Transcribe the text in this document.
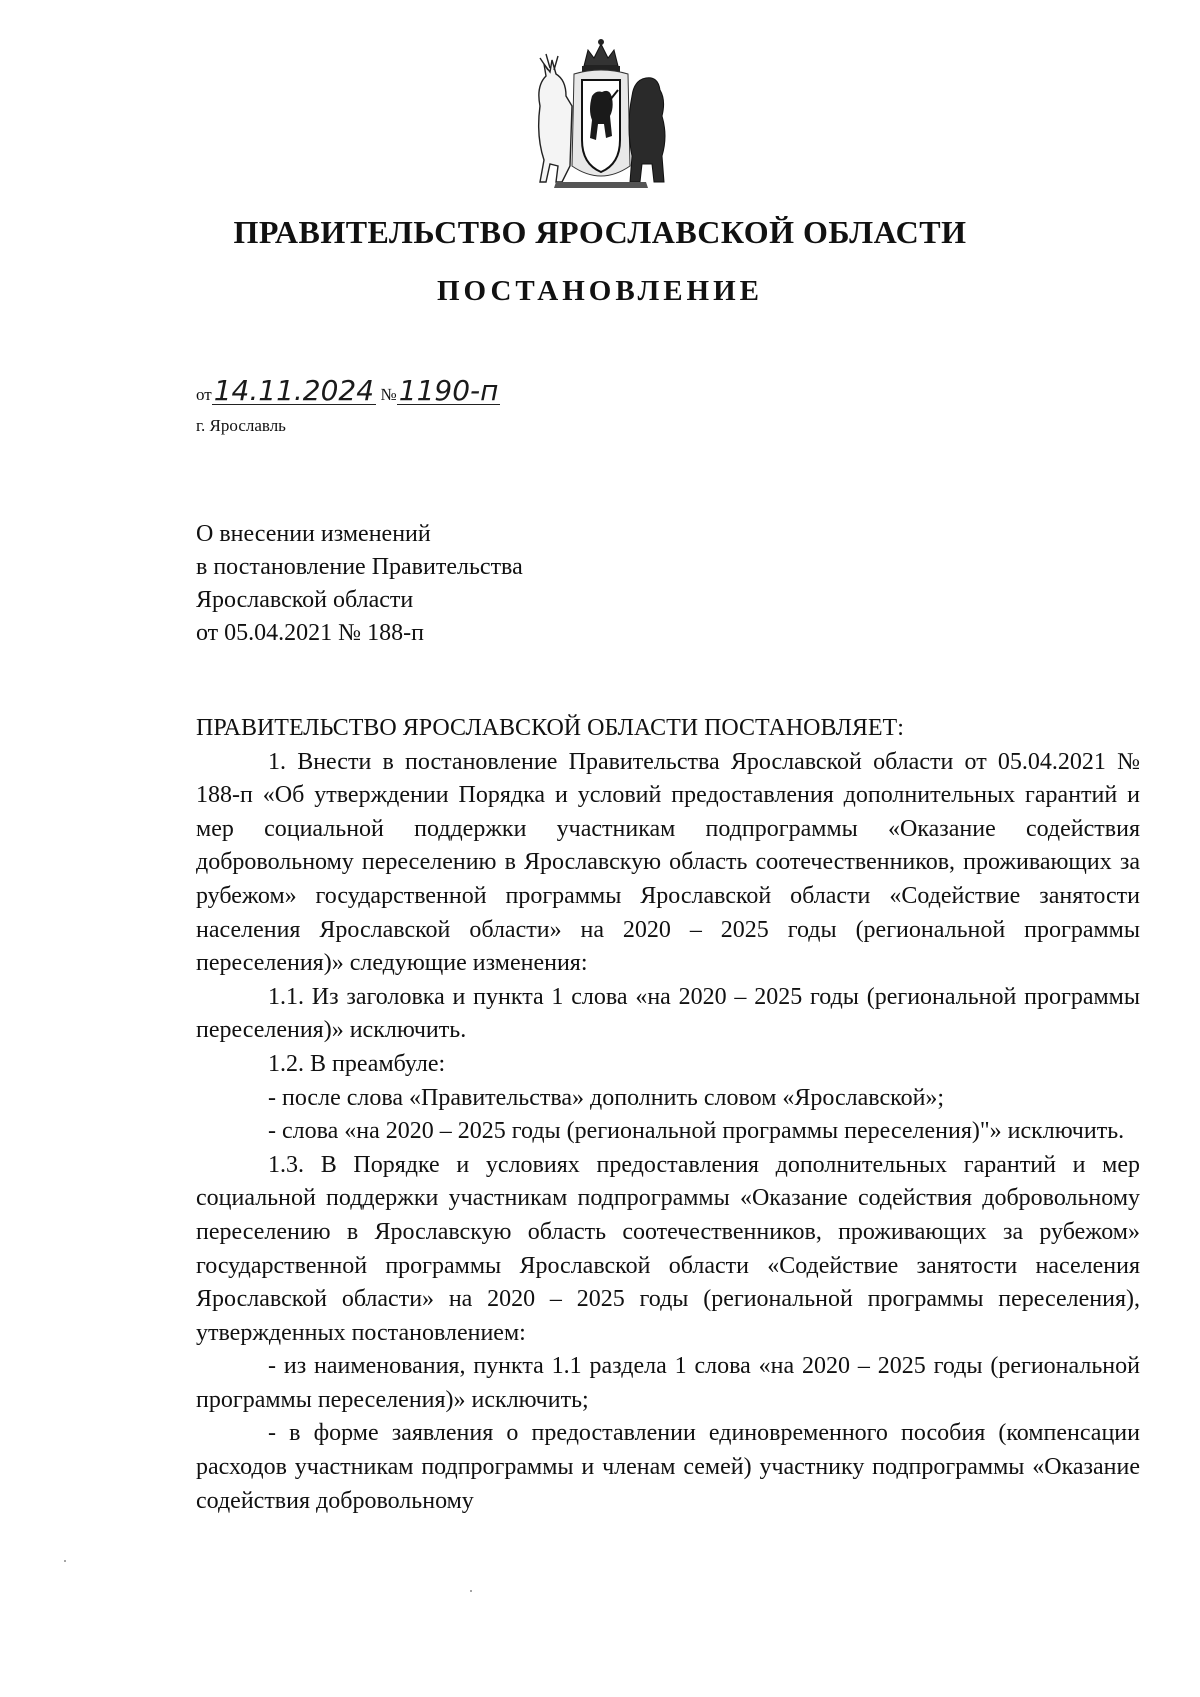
ПРАВИТЕЛЬСТВО ЯРОСЛАВСКОЙ ОБЛАСТИ
ПОСТАНОВЛЕНИЕ
от14.11.2024 №1190-п
г. Ярославль
О внесении изменений
в постановление Правительства
Ярославской области
от 05.04.2021 № 188-п

ПРАВИТЕЛЬСТВО ЯРОСЛАВСКОЙ ОБЛАСТИ ПОСТАНОВЛЯЕТ:

1. Внести в постановление Правительства Ярославской области от 05.04.2021 № 188-п «Об утверждении Порядка и условий предоставления дополнительных гарантий и мер социальной поддержки участникам подпрограммы «Оказание содействия добровольному переселению в Ярославскую область соотечественников, проживающих за рубежом» государственной программы Ярославской области «Содействие занятости населения Ярославской области» на 2020 – 2025 годы (региональной программы переселения)» следующие изменения:

1.1. Из заголовка и пункта 1 слова «на 2020 – 2025 годы (региональной программы переселения)» исключить.

1.2. В преамбуле:

- после слова «Правительства» дополнить словом «Ярославской»;

- слова «на 2020 – 2025 годы (региональной программы переселения)"» исключить.

1.3. В Порядке и условиях предоставления дополнительных гарантий и мер социальной поддержки участникам подпрограммы «Оказание содействия добровольному переселению в Ярославскую область соотечественников, проживающих за рубежом» государственной программы Ярославской области «Содействие занятости населения Ярославской области» на 2020 – 2025 годы (региональной программы переселения), утвержденных постановлением:

- из наименования, пункта 1.1 раздела 1 слова «на 2020 – 2025 годы (региональной программы переселения)» исключить;

- в форме заявления о предоставлении единовременного пособия (компенсации расходов участникам подпрограммы и членам семей) участнику подпрограммы «Оказание содействия добровольному
